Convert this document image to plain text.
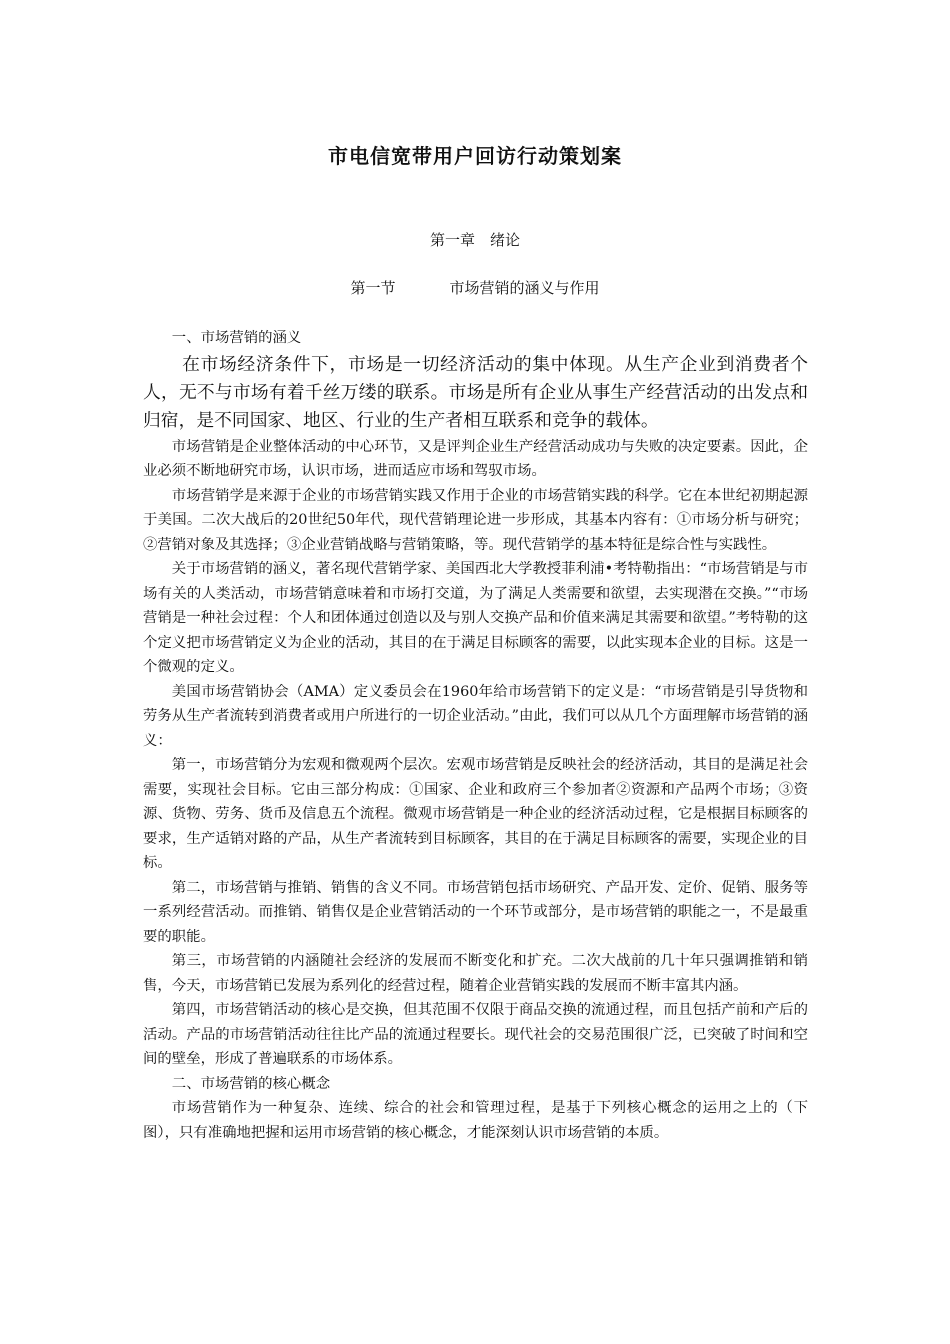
市电信宽带用户回访行动策划案
第一章　绪论
第一节	市场营销的涵义与作用

一、市场营销的涵义

在市场经济条件下，市场是一切经济活动的集中体现。从生产企业到消费者个人，无不与市场有着千丝万缕的联系。市场是所有企业从事生产经营活动的出发点和归宿，是不同国家、地区、行业的生产者相互联系和竞争的载体。

市场营销是企业整体活动的中心环节，又是评判企业生产经营活动成功与失败的决定要素。因此，企业必须不断地研究市场，认识市场，进而适应市场和驾驭市场。

市场营销学是来源于企业的市场营销实践又作用于企业的市场营销实践的科学。它在本世纪初期起源于美国。二次大战后的20世纪50年代，现代营销理论进一步形成，其基本内容有：①市场分析与研究；②营销对象及其选择；③企业营销战略与营销策略，等。现代营销学的基本特征是综合性与实践性。

关于市场营销的涵义，著名现代营销学家、美国西北大学教授菲利浦•考特勒指出：“市场营销是与市场有关的人类活动，市场营销意味着和市场打交道，为了满足人类需要和欲望，去实现潜在交换。”“市场营销是一种社会过程：个人和团体通过创造以及与别人交换产品和价值来满足其需要和欲望。”考特勒的这个定义把市场营销定义为企业的活动，其目的在于满足目标顾客的需要，以此实现本企业的目标。这是一个微观的定义。

美国市场营销协会（AMA）定义委员会在1960年给市场营销下的定义是：“市场营销是引导货物和劳务从生产者流转到消费者或用户所进行的一切企业活动。”由此，我们可以从几个方面理解市场营销的涵义：

第一，市场营销分为宏观和微观两个层次。宏观市场营销是反映社会的经济活动，其目的是满足社会需要，实现社会目标。它由三部分构成：①国家、企业和政府三个参加者②资源和产品两个市场；③资源、货物、劳务、货币及信息五个流程。微观市场营销是一种企业的经济活动过程，它是根据目标顾客的要求，生产适销对路的产品，从生产者流转到目标顾客，其目的在于满足目标顾客的需要，实现企业的目标。

第二，市场营销与推销、销售的含义不同。市场营销包括市场研究、产品开发、定价、促销、服务等一系列经营活动。而推销、销售仅是企业营销活动的一个环节或部分，是市场营销的职能之一，不是最重要的职能。

第三，市场营销的内涵随社会经济的发展而不断变化和扩充。二次大战前的几十年只强调推销和销售，今天，市场营销已发展为系列化的经营过程，随着企业营销实践的发展而不断丰富其内涵。

第四，市场营销活动的核心是交换，但其范围不仅限于商品交换的流通过程，而且包括产前和产后的活动。产品的市场营销活动往往比产品的流通过程要长。现代社会的交易范围很广泛，已突破了时间和空间的壁垒，形成了普遍联系的市场体系。

二、市场营销的核心概念

市场营销作为一种复杂、连续、综合的社会和管理过程，是基于下列核心概念的运用之上的（下图），只有准确地把握和运用市场营销的核心概念，才能深刻认识市场营销的本质。
